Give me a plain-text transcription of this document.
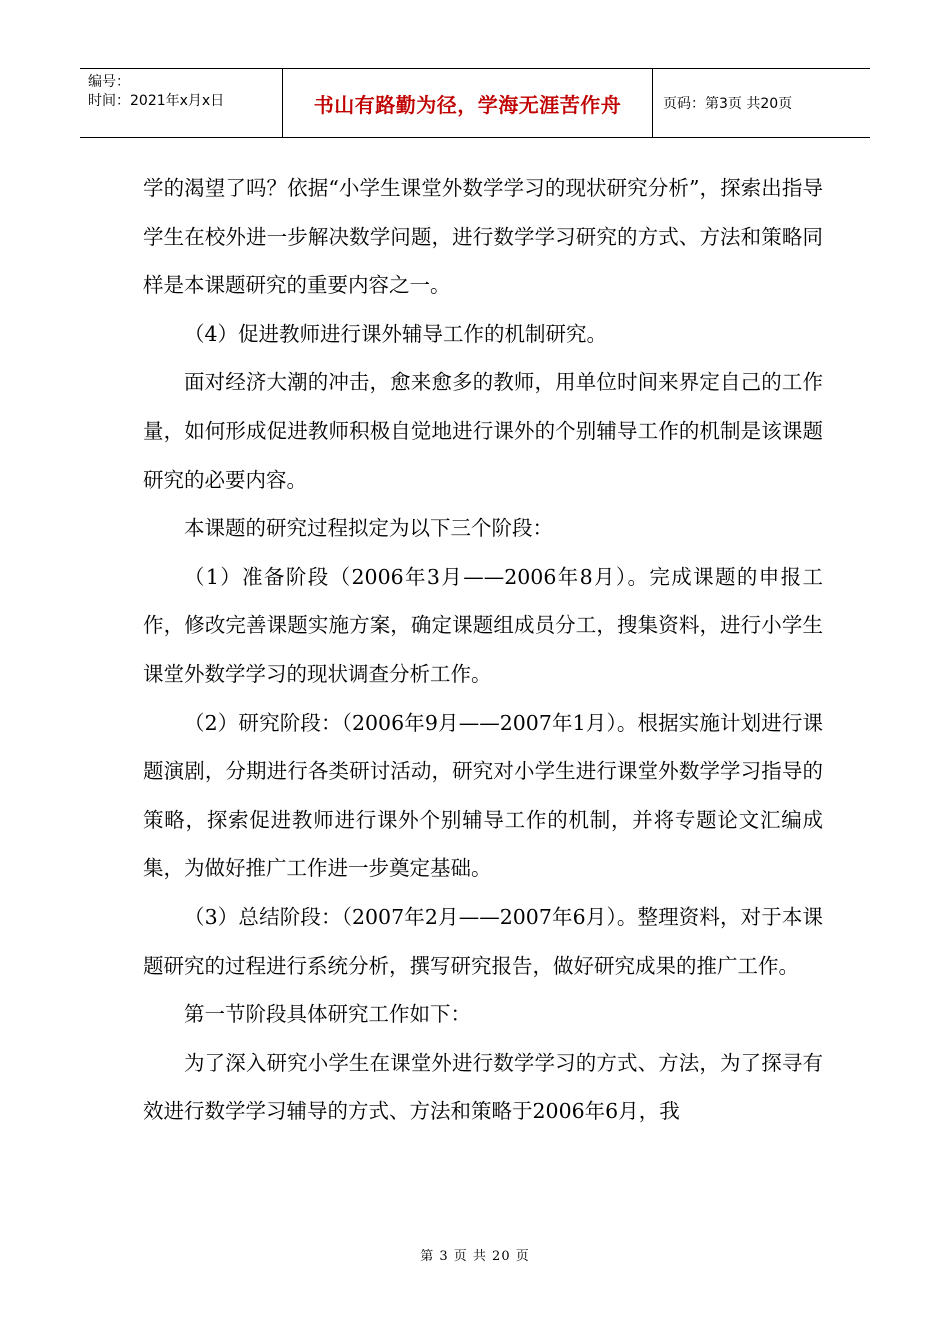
编号：
时间：2021年x月x日	书山有路勤为径，学海无涯苦作舟	页码：第3页 共20页

学的渴望了吗？依据“小学生课堂外数学学习的现状研究分析”，探索出指导学生在校外进一步解决数学问题，进行数学学习研究的方式、方法和策略同样是本课题研究的重要内容之一。

（4）促进教师进行课外辅导工作的机制研究。

面对经济大潮的冲击，愈来愈多的教师，用单位时间来界定自己的工作量，如何形成促进教师积极自觉地进行课外的个别辅导工作的机制是该课题研究的必要内容。

本课题的研究过程拟定为以下三个阶段：

（1）准备阶段（2006年3月——2006年8月）。完成课题的申报工作，修改完善课题实施方案，确定课题组成员分工，搜集资料，进行小学生课堂外数学学习的现状调查分析工作。

（2）研究阶段：（2006年9月——2007年1月）。根据实施计划进行课题演剧，分期进行各类研讨活动，研究对小学生进行课堂外数学学习指导的策略，探索促进教师进行课外个别辅导工作的机制，并将专题论文汇编成集，为做好推广工作进一步奠定基础。

（3）总结阶段：（2007年2月——2007年6月）。整理资料，对于本课题研究的过程进行系统分析，撰写研究报告，做好研究成果的推广工作。

第一节阶段具体研究工作如下：

为了深入研究小学生在课堂外进行数学学习的方式、方法，为了探寻有效进行数学学习辅导的方式、方法和策略于2006年6月，我

第 3 页 共 20 页
